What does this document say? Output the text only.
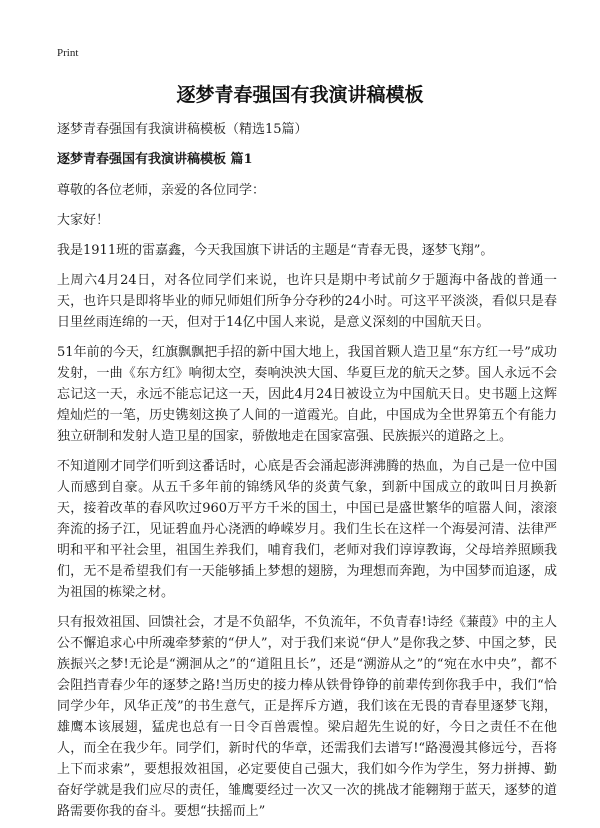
Print
逐梦青春强国有我演讲稿模板

逐梦青春强国有我演讲稿模板（精选15篇）

逐梦青春强国有我演讲稿模板 篇1

尊敬的各位老师，亲爱的各位同学：

大家好！

我是1911班的雷嘉鑫，今天我国旗下讲话的主题是“青春无畏，逐梦飞翔”。

上周六4月24日，对各位同学们来说，也许只是期中考试前夕于题海中备战的普通一天，也许只是即将毕业的师兄师姐们所争分夺秒的24小时。可这平平淡淡，看似只是春日里丝雨连绵的一天，但对于14亿中国人来说，是意义深刻的中国航天日。

51年前的今天，红旗飘飘把手招的新中国大地上，我国首颗人造卫星“东方红一号”成功发射，一曲《东方红》响彻太空，奏响泱泱大国、华夏巨龙的航天之梦。国人永远不会忘记这一天，永远不能忘记这一天，因此4月24日被设立为中国航天日。史书题上这辉煌灿烂的一笔，历史镌刻这换了人间的一道霞光。自此，中国成为全世界第五个有能力独立研制和发射人造卫星的国家，骄傲地走在国家富强、民族振兴的道路之上。

不知道刚才同学们听到这番话时，心底是否会涌起澎湃沸腾的热血，为自己是一位中国人而感到自豪。从五千多年前的锦绣风华的炎黄气象，到新中国成立的敢叫日月换新天，接着改革的春风吹过960万平方千米的国土，中国已是盛世繁华的喧嚣人间，滚滚奔流的扬子江，见证碧血丹心浇洒的峥嵘岁月。我们生长在这样一个海晏河清、法律严明和平和平社会里，祖国生养我们，哺育我们，老师对我们谆谆教诲，父母培养照顾我们，无不是希望我们有一天能够插上梦想的翅膀，为理想而奔跑，为中国梦而追逐，成为祖国的栋梁之材。

只有报效祖国、回馈社会，才是不负韶华，不负流年，不负青春!诗经《蒹葭》中的主人公不懈追求心中所魂牵梦萦的“伊人”，对于我们来说“伊人”是你我之梦、中国之梦，民族振兴之梦!无论是“溯洄从之”的“道阻且长”，还是“溯游从之”的“宛在水中央”，都不会阻挡青春少年的逐梦之路!当历史的接力棒从铁骨铮铮的前辈传到你我手中，我们“恰同学少年，风华正茂”的书生意气，正是挥斥方遒，我们该在无畏的青春里逐梦飞翔，雄鹰本该展翅，猛虎也总有一日令百兽震惶。梁启超先生说的好，今日之责任不在他人，而全在我少年。同学们，新时代的华章，还需我们去谱写!“路漫漫其修远兮，吾将上下而求索”，要想报效祖国，必定要使自己强大，我们如今作为学生，努力拼搏、勤奋好学就是我们应尽的责任，雏鹰要经过一次又一次的挑战才能翱翔于蓝天，逐梦的道路需要你我的奋斗。要想“扶摇而上”
